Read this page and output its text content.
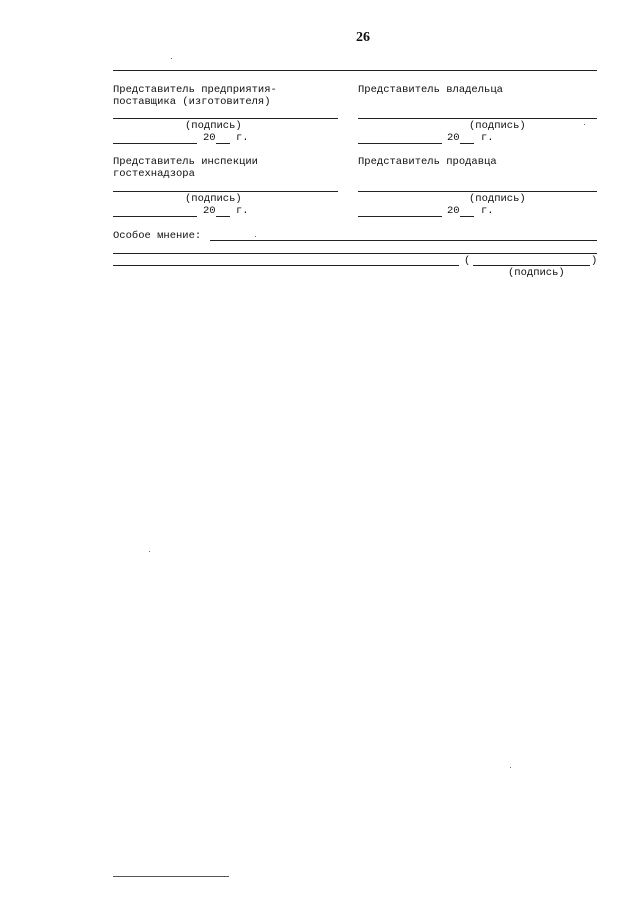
26
Представитель предприятия-
поставщика (изготовителя)
(подпись)
20 г.
Представитель владельца
(подпись)
20 г.
Представитель инспекции
гостехнадзора
(подпись)
20 г.
Представитель продавца
(подпись)
20 г.
Особое мнение:
(	)
(подпись)
